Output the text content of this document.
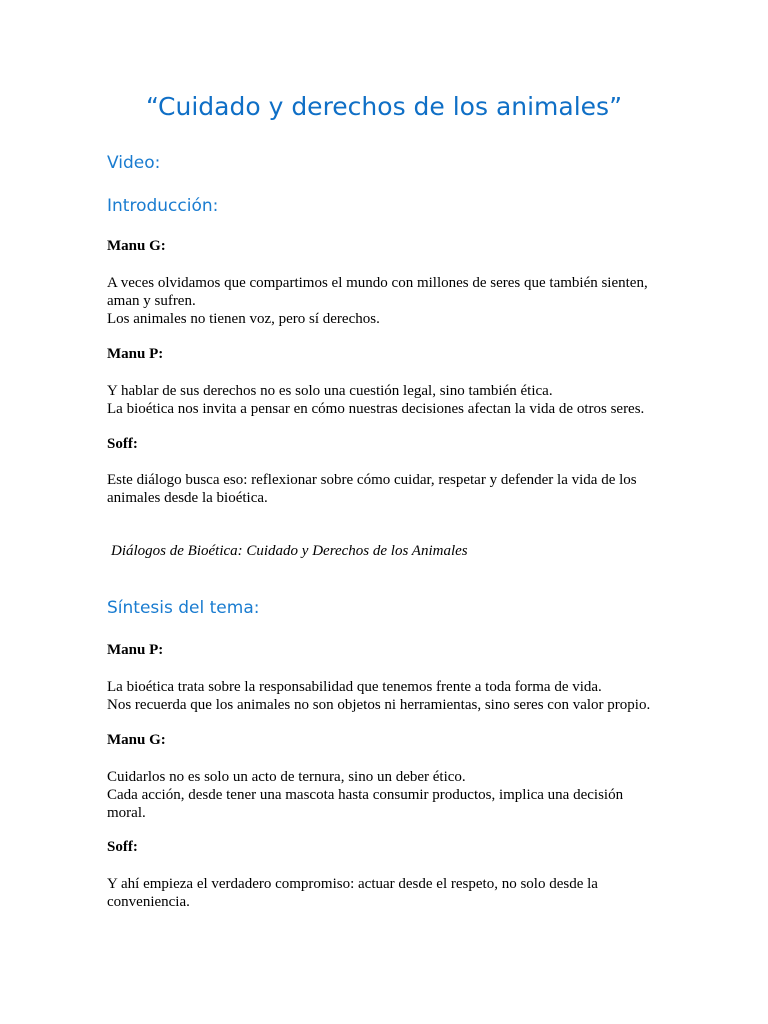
“Cuidado y derechos de los animales”
Video:
Introducción:

Manu G:

A veces olvidamos que compartimos el mundo con millones de seres que también sienten,
aman y sufren.
Los animales no tienen voz, pero sí derechos.

Manu P:

Y hablar de sus derechos no es solo una cuestión legal, sino también ética.
La bioética nos invita a pensar en cómo nuestras decisiones afectan la vida de otros seres.

Soff:

Este diálogo busca eso: reflexionar sobre cómo cuidar, respetar y defender la vida de los
animales desde la bioética.

Diálogos de Bioética: Cuidado y Derechos de los Animales

Síntesis del tema:

Manu P:

La bioética trata sobre la responsabilidad que tenemos frente a toda forma de vida.
Nos recuerda que los animales no son objetos ni herramientas, sino seres con valor propio.

Manu G:

Cuidarlos no es solo un acto de ternura, sino un deber ético.
Cada acción, desde tener una mascota hasta consumir productos, implica una decisión
moral.

Soff:

Y ahí empieza el verdadero compromiso: actuar desde el respeto, no solo desde la
conveniencia.
